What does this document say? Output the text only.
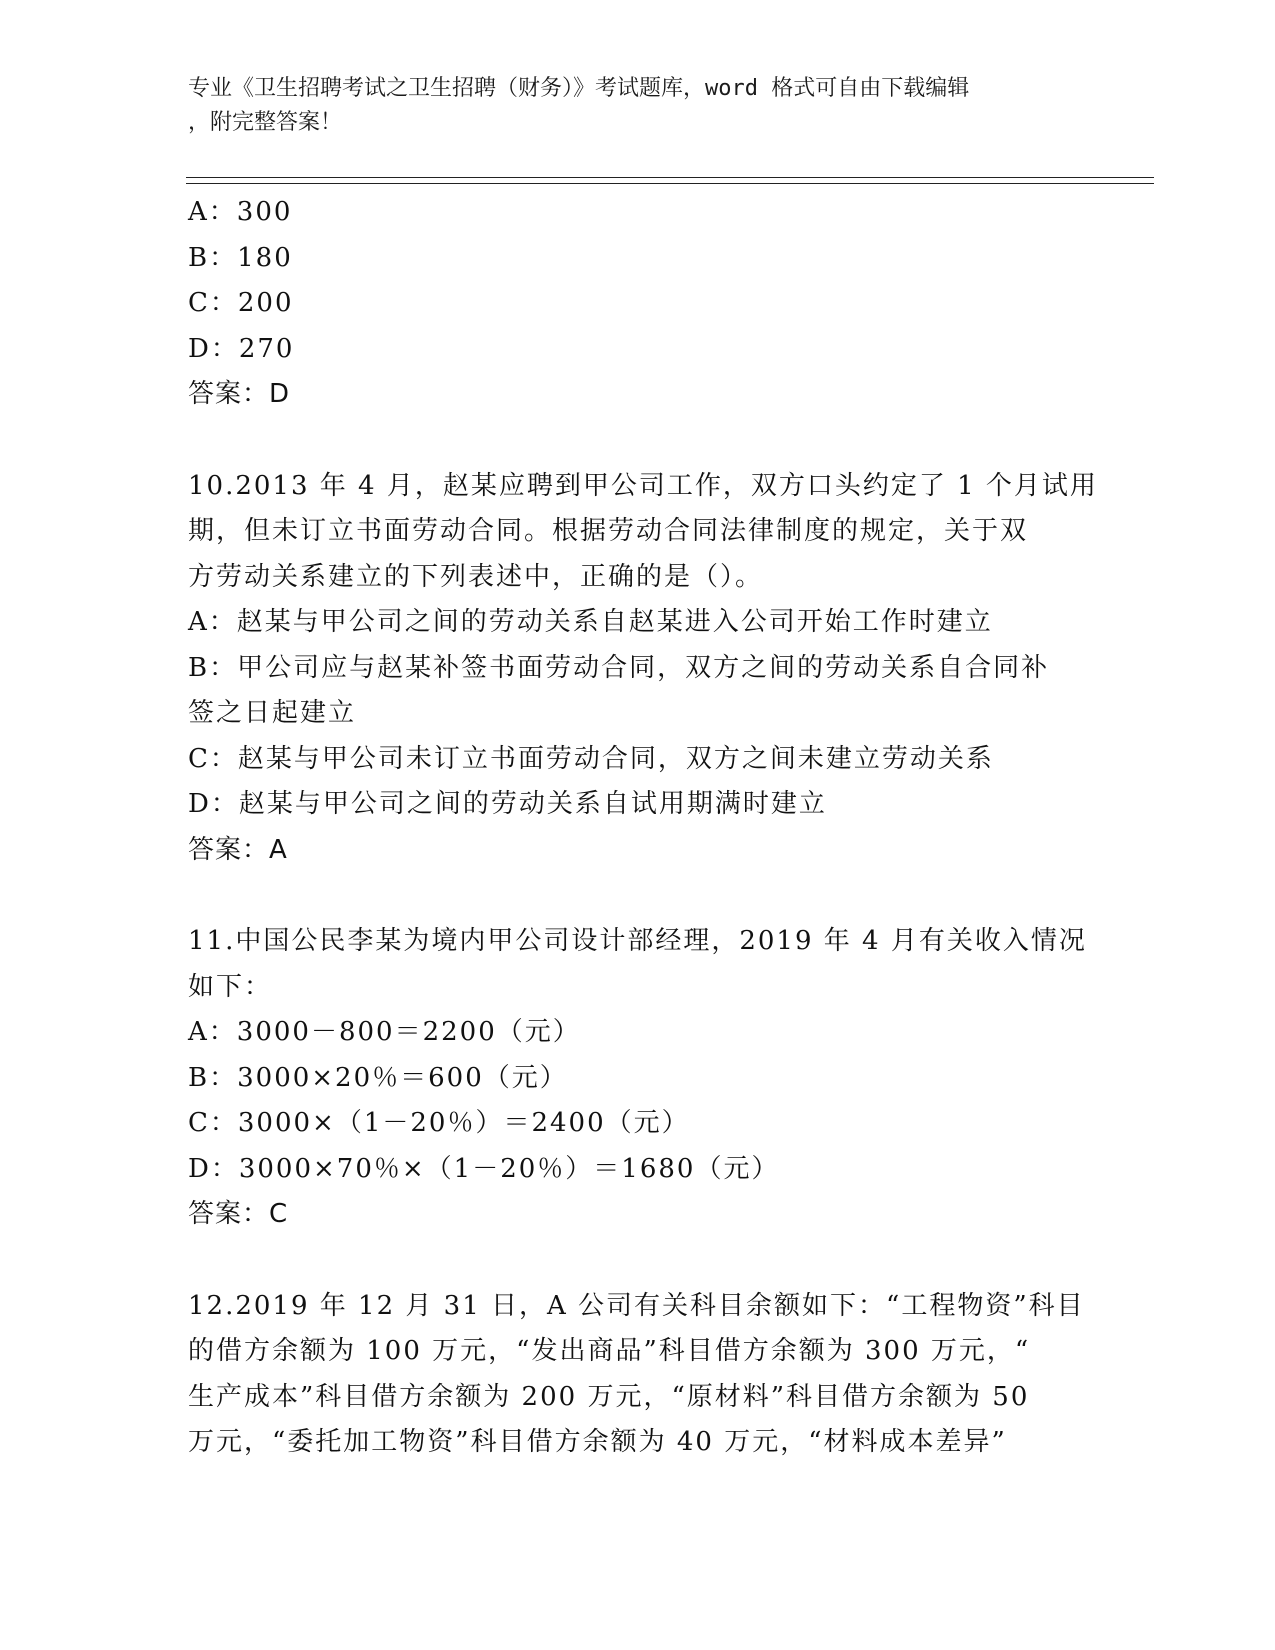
专业《卫生招聘考试之卫生招聘（财务）》考试题库，word 格式可自由下载编辑
，附完整答案！
A：300
B：180
C：200
D：270
答案：D
10.2013 年 4 月，赵某应聘到甲公司工作，双方口头约定了 1 个月试用
期，但未订立书面劳动合同。根据劳动合同法律制度的规定，关于双
方劳动关系建立的下列表述中，正确的是（）。
A：赵某与甲公司之间的劳动关系自赵某进入公司开始工作时建立
B：甲公司应与赵某补签书面劳动合同，双方之间的劳动关系自合同补
签之日起建立
C：赵某与甲公司未订立书面劳动合同，双方之间未建立劳动关系
D：赵某与甲公司之间的劳动关系自试用期满时建立
答案：A
11.中国公民李某为境内甲公司设计部经理，2019 年 4 月有关收入情况
如下：
A：3000－800＝2200（元）
B：3000×20％＝600（元）
C：3000×（1－20％）＝2400（元）
D：3000×70％×（1－20％）＝1680（元）
答案：C
12.2019 年 12 月 31 日，A 公司有关科目余额如下：“工程物资”科目
的借方余额为 100 万元，“发出商品”科目借方余额为 300 万元，“
生产成本”科目借方余额为 200 万元，“原材料”科目借方余额为 50
万元，“委托加工物资”科目借方余额为 40 万元，“材料成本差异”
